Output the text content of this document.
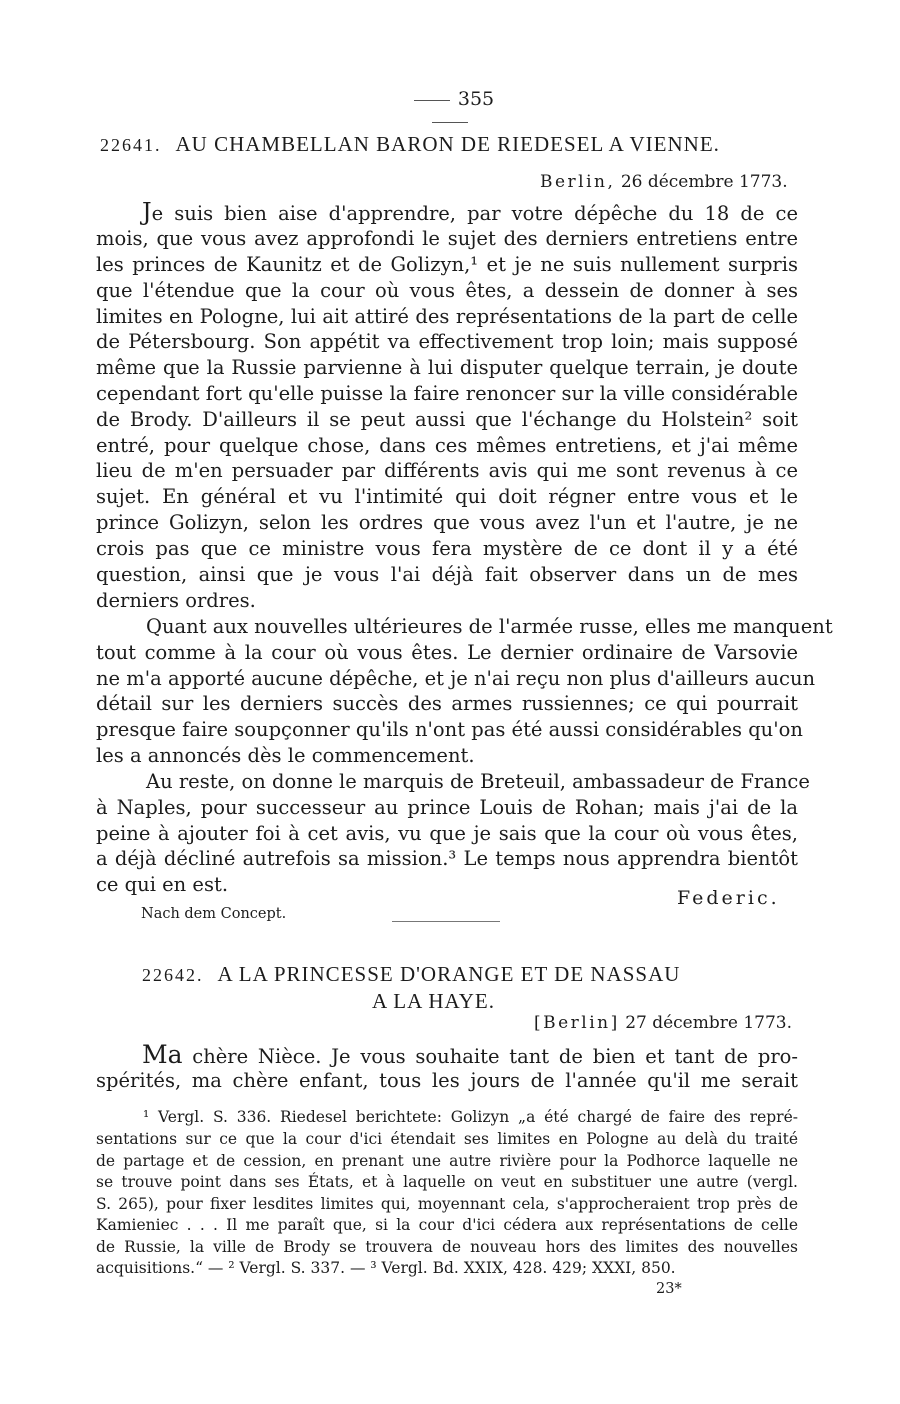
355
22641. AU CHAMBELLAN BARON DE RIEDESEL A VIENNE.
Berlin, 26 décembre 1773.
Je suis bien aise d'apprendre, par votre dépêche du 18 de ce
mois, que vous avez approfondi le sujet des derniers entretiens entre
les princes de Kaunitz et de Golizyn,¹ et je ne suis nullement surpris
que l'étendue que la cour où vous êtes, a dessein de donner à ses
limites en Pologne, lui ait attiré des représentations de la part de celle
de Pétersbourg. Son appétit va effectivement trop loin; mais supposé
même que la Russie parvienne à lui disputer quelque terrain, je doute
cependant fort qu'elle puisse la faire renoncer sur la ville considérable
de Brody. D'ailleurs il se peut aussi que l'échange du Holstein² soit
entré, pour quelque chose, dans ces mêmes entretiens, et j'ai même
lieu de m'en persuader par différents avis qui me sont revenus à ce
sujet. En général et vu l'intimité qui doit régner entre vous et le
prince Golizyn, selon les ordres que vous avez l'un et l'autre, je ne
crois pas que ce ministre vous fera mystère de ce dont il y a été
question, ainsi que je vous l'ai déjà fait observer dans un de mes
derniers ordres.
Quant aux nouvelles ultérieures de l'armée russe, elles me manquent
tout comme à la cour où vous êtes. Le dernier ordinaire de Varsovie
ne m'a apporté aucune dépêche, et je n'ai reçu non plus d'ailleurs aucun
détail sur les derniers succès des armes russiennes; ce qui pourrait
presque faire soupçonner qu'ils n'ont pas été aussi considérables qu'on
les a annoncés dès le commencement.
Au reste, on donne le marquis de Breteuil, ambassadeur de France
à Naples, pour successeur au prince Louis de Rohan; mais j'ai de la
peine à ajouter foi à cet avis, vu que je sais que la cour où vous êtes,
a déjà décliné autrefois sa mission.³ Le temps nous apprendra bientôt
ce qui en est.
Federic.
Nach dem Concept.
22642. A LA PRINCESSE D'ORANGE ET DE NASSAU
A LA HAYE.
[Berlin] 27 décembre 1773.
Ma chère Nièce. Je vous souhaite tant de bien et tant de pro-
spérités, ma chère enfant, tous les jours de l'année qu'il me serait
¹ Vergl. S. 336. Riedesel berichtete: Golizyn „a été chargé de faire des repré-
sentations sur ce que la cour d'ici étendait ses limites en Pologne au delà du traité
de partage et de cession, en prenant une autre rivière pour la Podhorce laquelle ne
se trouve point dans ses États, et à laquelle on veut en substituer une autre (vergl.
S. 265), pour fixer lesdites limites qui, moyennant cela, s'approcheraient trop près de
Kamieniec . . . Il me paraît que, si la cour d'ici cédera aux représentations de celle
de Russie, la ville de Brody se trouvera de nouveau hors des limites des nouvelles
acquisitions.“ — ² Vergl. S. 337. — ³ Vergl. Bd. XXIX, 428. 429; XXXI, 850.
23*
